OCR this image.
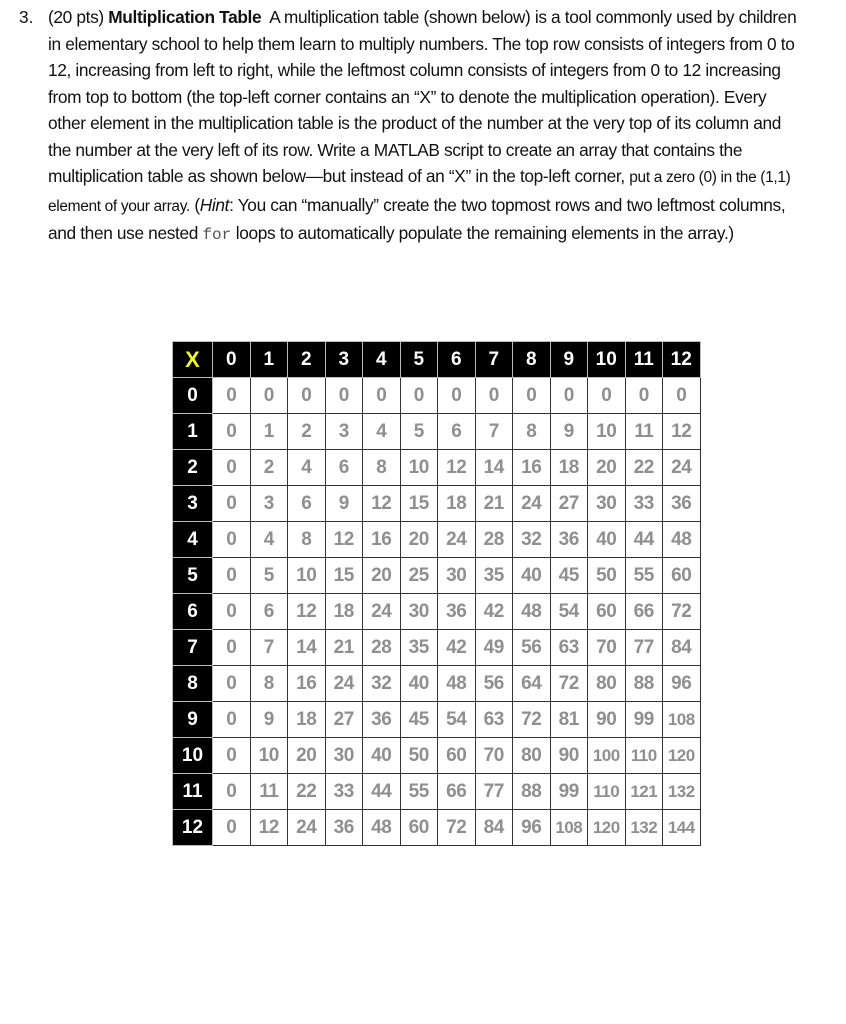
3. (20 pts) Multiplication Table A multiplication table (shown below) is a tool commonly used by children in elementary school to help them learn to multiply numbers. The top row consists of integers from 0 to 12, increasing from left to right, while the leftmost column consists of integers from 0 to 12 increasing from top to bottom (the top-left corner contains an “X” to denote the multiplication operation). Every other element in the multiplication table is the product of the number at the very top of its column and the number at the very left of its row. Write a MATLAB script to create an array that contains the multiplication table as shown below—but instead of an “X” in the top-left corner, put a zero (0) in the (1,1) element of your array. (Hint: You can “manually” create the two topmost rows and two leftmost columns, and then use nested for loops to automatically populate the remaining elements in the array.)
X	0	1	2	3	4	5	6	7	8	9	10	11	12
0	0	0	0	0	0	0	0	0	0	0	0	0	0
1	0	1	2	3	4	5	6	7	8	9	10	11	12
2	0	2	4	6	8	10	12	14	16	18	20	22	24
3	0	3	6	9	12	15	18	21	24	27	30	33	36
4	0	4	8	12	16	20	24	28	32	36	40	44	48
5	0	5	10	15	20	25	30	35	40	45	50	55	60
6	0	6	12	18	24	30	36	42	48	54	60	66	72
7	0	7	14	21	28	35	42	49	56	63	70	77	84
8	0	8	16	24	32	40	48	56	64	72	80	88	96
9	0	9	18	27	36	45	54	63	72	81	90	99	108
10	0	10	20	30	40	50	60	70	80	90	100	110	120
11	0	11	22	33	44	55	66	77	88	99	110	121	132
12	0	12	24	36	48	60	72	84	96	108	120	132	144
